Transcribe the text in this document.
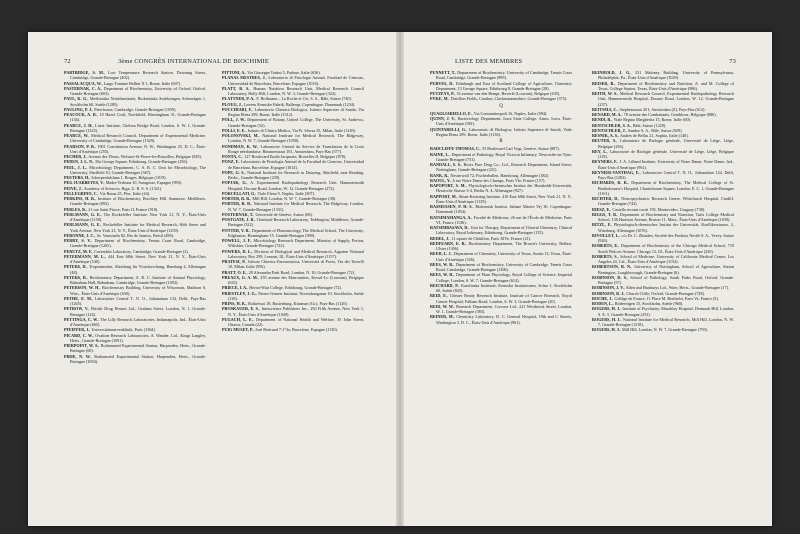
72	3ème CONGRÈS INTERNATIONAL DE BIOCHIMIE

PARTRIDGE, S. M., Low Temperature Research Station, Downing Street, Cambridge, Grande-Bretagne (402).

PASSALACQUA, W., Largo Tommie Bellini N 1, Rome, Italie (607).

PASTERNAK, C. A., Department of Biochemistry, University of Oxford, Oxford, Grande-Bretagne (603).

PAUL, K. G., Medicinska Nobelinstitutet, Biokemiska Avdelningen, Solnavägen 1, Stockholm 60, Suède (1285).

PAULING, P. J., Peterhouse, Cambridge, Grande-Bretagne (1059).

PEACOCK, A. R., 10 Hazel Croft, Northfield, Birmingham 31, Grande-Bretagne (134).

PEARCE, J. H., Lister Institute, Chelsea Bridge Road, London, S. W. 1, Grande-Bretagne (1325).

PEARCE, W., Medical Research Council, Department of Experimental Medicine, University of Cambridge, Grande-Bretagne (1329).

PEARSON, P. B., 1901 Constitution Avenue, N. W., Washington 25, D. C., États-Unis d'Amérique (255).

PECHER, J., Avenue des Fleurs, Woluwe-St-Pierre-les-Bruxelles, Belgique (929).

PEDEN, J. L. N., 50a George Square, Edinbourg, Grande-Bretagne (256).

PEEL, J. L., Microbiology Department, C. S. R. C. Unit for Microbiology, The University, Sheffield 10, Grande-Bretagne (367).

PEETERS, H., Scherpenlulslaan 1, Bruges, Belgique (1019).

PEG JUARBEYES, V., Madre Vedruna 10, Saragosse, Espagne (995).

PEIVE, J., Academy of Sciences, Riga, U. R. S. S. (1321).

PELLEGRINO, C., Via Roma 25, Pise, Italie (44).

PERKINS, H. R., Institute of Biochemistry, Brockley Hill, Stanmore, Middlesex, Grande-Bretagne (892).

PERLES, R., 21 rue Saint Fiacre, Paris II, France (918).

PERLMANN, G. E., The Rockefeller Institute, New York 21, N. Y., États-Unis d'Amérique (1150).

PERLMANN, G. E., Rockefeller Institute for Medical Research, 66th Street and York Avenue, New York 21, N. Y., États-Unis d'Amérique (1259).

PERONNE, J. C., Av. Venezuela 82, Rio de Janeiro, Brésil (496).

PERRY, S. V., Department of Biochemistry, Tennis Court Road, Cambridge, Grande-Bretagne (1265).

PERUTZ, M. F., Cavendish Laboratory, Cambridge, Grande-Bretagne (2).

PETERMANN, M. L., 444 East 68th Street, New York 21, N. Y., États-Unis d'Amérique (540).

PETERS, D., Tropeninstitut, Abteilung für Virusforschung, Hamburg 4, Allemagne (48).

PETERS, R., Biochemistry Department, A. R. C. Institute of Animal Physiology, Babraham Hall, Babraham, Cambridge, Grande-Bretagne (1092).

PETERSON, W. H., Biochemistry Building, University of Wisconsin, Madison 6, Wisc., États-Unis d'Amérique (630).

PETHE, E. M., Laboratoire Central T. N. O., Julianalaan 134, Delft, Pays-Bas (1265).

PETROW, V., British Drug Houses Ltd., Graham Street, London, N. 1, Grande-Bretagne (124).

PETTINGA, C. W., The Lilly Research Laboratories, Indianapolis, Ind., États-Unis d'Amérique (665).

PFEIFFER, J., Universitätsnervenklinik, Paris (1364).

PICARD, C. W., Ovaltine Research Laboratories, A. Wander, Ltd., Kings Langley, Herts., Grande-Bretagne (1091).

PIERPOINT, W. S., Rothamsted Experimental Station, Harpenden, Herts., Grande-Bretagne (60).

PIRIE, N. W., Rothamsted Experimental Station, Harpenden, Herts., Grande-Bretagne (1094).

PITTONI, A., Via Giuseppe Tartini 5, Padoue, Italie (636).

PLANAS MESTRES, J., Laboratorio di Fisiologia Animal, Facultad de Ciencias, Universidad de Barcelona, Barcelone, Espagne (1016).

PLATT, B. S., Human Nutrition Research Unit, Medical Research Council Laboratory, Holly Hill, London, N. W. 3, Grande-Bretagne (322).

PLATTNER, P. A., F. Hoffmann – La Roche et Cie, S. A., Bâle, Suisse (740).

PLOUG, J., Løvens Kemiske Fabrik, Ballerup, Copenhague, Danemark (1234).

POCCHIARI, F., Laboratorio Chimica Biologica, Istituto Superiore di Sanità, Via Regina Elena 299, Rome, Italie (1312).

POLL, J. W., Department of Botany, United College, The University, St. Andrews, Grande-Bretagne (32).

POLLI, E. E., Istituto di Clinica Medica, Via Fr. Sforza 35, Milan, Italie (1249).

POLONOVSKI, M., National Institute for Medical Research, The Ridgeway, London, N. W. 7, Grande-Bretagne (1058).

PONDMAN, K. W., Laboratoire Central du Service de Transfusion de la Croix Rouge néerlandaise, Rimmerstraat 101, Amsterdam, Pays-Bas (577).

PONTA, C., 127 Boulevard Emile Jacqmain, Bruxelles II, Belgique (878).

PONZ, F., Laboratorio de Fisiología Animal de la Facultad de Ciencias, Universidad de Barcelona, Barcelone, Espagne (1014).

POPE, G. S., National Institute for Research in Dairying, Shinfield, near Reading, Berks., Grande-Bretagne (239).

POPJAK, G., A. Experimental Radiopathology Research Unit, Hammersmith Hospital, Ducane Road, London, W. 12, Grande-Bretagne (272).

PORCELLATI, G., Viale Elena 9, Naples, Italie (507).

PORTER, R. R., Mill Hill, London, N. W. 7, Grande-Bretagne (38).

PORTER, R. R., National Institute for Medical Research, The Ridgeway, London, N. W. 7, Grande-Bretagne (1331).

POSTERNAK, T., Université de Genève, Suisse (68).

POSTGATE, J. R., Chemical Research Laboratory, Teddington, Middlesex, Grande-Bretagne (322).

POTTER, V. R., Department of Pharmacology, The Medical School, The University, Edgbaston, Birmingham 15, Grande-Bretagne (909).

POWELL, J. F., Microbiology Research Department, Ministry of Supply, Porton, Wiltshire, Grande-Bretagne (722).

POWERS, D. L., Division of Biological and Medical Research, Argonne National Laboratory, Box 299, Lemont, Ill., États-Unis d'Amérique (1157).

PRATESI, P., Istituto Chimica Farmaceutica, Università di Pavia, Via dei Taverlli 10, Milan, Italie (956).

PRATT, O. E., 28 Alexandra Park Road, London, N. 10, Grande-Bretagne (72).

PREAUX, G. A. M., 255 avenue des Marronniers, Kessel-Lo (Louvain), Belgique (633).

PRIECE, I. A., Heriot-Watt College, Edinbourg, Grande-Bretagne (72).

PRIESTLEY, J. G., Nieuw-Gemen Instituut, Noorssbaagasan 10, Stockholm, Suède (118).

PRINS, H. K., Rotkreisat 18, Rustenburg, Kinsman (Gr.), Pays-Bas (1126).

PROSKAUER, E. S., Interscience Publishers Inc., 250 Fifth Avenue, New York 1, N. Y., États-Unis d'Amérique (1049).

PUGACH, L. E., Department of National Health and Welfare, 35 John Street, Ottawa, Canada (22).

PUIG MUSET, P., José Bertrand 7-1°3a, Barcelone, Espagne (1130).

LISTE DES MEMBRES	73

PUNNETT, T., Department of Biochemistry, University of Cambridge, Tennis Court Road, Cambridge, Grande-Bretagne (899).

PURVES, D., Edinburgh and East of Scotland College of Agriculture, Chemistry Department, 13 George Square, Edinbourg 8, Grande-Bretagne (28).

PUTZEYS, P., 33 avenue van den Bempt, Heverlé (Louvain), Belgique (635).

PYKE, M., Distillers Fields, Cambus, Clackmannanshire, Grande-Bretagne (375).

Q

QUAGLIARIELLO, E., Via Constantinopoli 16, Naples, Italie (584).

QUINN, J. V., Bacteriology Department, Iowa State College, Ames, Iowa, États-Unis d'Amérique (961).

QUINTARELLI, G., Laboratorio di Biologica, Istituto Superiore di Sanità, Viale Regina Elena 299, Rome, Italie (1136).

R

RADCLIFFE-THOMAS, C., 55 Boulevard Carl Vogt, Genève, Suisse (887).

RAINE, L., Department of Pathology, Royal Victoria Infirmary, Newcastle-on-Tyne, Grande-Bretagne (731).

RANDALL, S. S., Boots Pure Drug Co., Ltd., Research Department, Island Street, Nottingham, Grande-Bretagne (231).

RANK, R., Nesserwall 72, Fischerhallen, Hambourg, Allemagne (382).

RAOUL, Y., 6 rue Notre Dame des Champs, Paris VIe, France (157).

RAPOPORT, S. M., Physiologisch-chemisches Institut der Humboldt-Universität, Hessische Strasse 3-4, Berlin N. 4, Allemagne (927).

RAPPORT, M., Sloan-Kettering Institute, 410 East 68th Street, New York 21, N. Y., États-Unis d'Amérique (1139).

RASMUSSEN, P. H. S., Biokemisk Institut, Juliane Maries Vej 30, Copenhague, Danemark (1054).

RATSIMAMANGA, A., Faculté de Médecine, 26 rue de l'École de Médecine, Paris VI, France (1136).

RATSIMBASAVA, D., Unit for Therapy, Department of Clinical Chemistry, Clinical Laboratory, Royal Infirmary, Edinbourg, Grande-Bretagne (155).

REDEL, J., 11 square de Châtillon, Paris XIVe, France (21).

REDFEARN, E. R., Biochemistry Department, The Brown's University, Belfast, Ulster (1306).

REED, L. J., Department of Chemistry, University of Texas, Austin 12, Texas, États-Unis d'Amérique (526).

REES, W. R., Department of Biochemistry, University of Cambridge, Tennis Court Road, Cambridge, Grande-Bretagne (1306).

REES, W. R., Department of Plant Physiology, Royal College of Science, Imperial College, London, S. W. 7, Grande-Bretagne (614).

REICHARD, P., Karolinska Institutet, Kemiska Institutionen, Solna 1, Stockholm 60, Suède (825).

REID, E., Chester Beatty Research Institute, Institute of Cancer Research, Royal Cancer Hospital, Fulham Road, London, S. W. 3, Grande-Bretagne (20).

REID, W. W., Research Department, Corvace Ltd., 221 Westbrook Street, London, W. 1, Grande-Bretagne (383).

REINER, M., Chemistry Laboratory, D. C. General Hospital, 19th and C Streets, Washington 3, D. C., États-Unis d'Amérique (961).

REINHOLD, J. G., 231 Maloney Building, University of Pennsylvania, Philadelphie, Pa., États-Unis d'Amérique (1029).

REISER, R., Department of Biochemistry and Nutrition, A. and M. College of Texas, College Station, Texas, États-Unis d'Amérique (986).

REITH, W. S., Medical Research Council, Experimental Radiopathology Research Unit, Hammersmith Hospital, Ducane Road, London, W. 12, Grande-Bretagne (237).

REITSMA, C., Stephenstraat 20 I, Amsterdam (Z), Pays-Bas (612).

RENARD, M. A., 78 avenue des Combattants, Gembloux, Belgique (886).

RENDI, R., Viale Regina Margherita 15, Rome, Italie (60).

RENTSCHLER, S. A., Bâle, Suisse (1229).

RENTSCHLER, J., Sandoz S. A., Bâle, Suisse (929).

RESNIK, A. S., Andrés de Bellas 21, Sophia, Italie (140).

REUTER, S., Laboratoire de Biologie générale, Université de Liège, Liège, Belgique (256).

REY, L., Laboratoire de Biologie générale, Université de Liège, Liège, Belgique (118).

REYNERS, F., J. A. Lifland Institute, University of Notre Dame, Notre Dame, Ind., États-Unis d'Amérique (961).

REYNIER-VANTHAG, E., Laboratoire Central T. N. O., Julianalaan 134, Delft, Pays-Bas (1283).

RICHARDS, R. K., Department of Biochemistry, The Medical College of St. Bartholomew's Hospital, Charterhouse Square, London, E. C. 1, Grande-Bretagne (1161).

RICHTER, D., Neuropsychiatric Research Centre, Whitchurch Hospital, Cardiff, Grande-Bretagne (743).

RIESZ, E., Castella recomi corrii 159, Montevideo, Uruguay (738).

RIGGS, T. R., Department of Biochemistry and Nutrition, Tufts College Medical School, 136 Harrison Avenue, Boston 11, Mass., États-Unis d'Amérique (1039).

RITZL, F., Physiologisch-chemisches Institut der Universität, Koellikerstrasse, 2, Würzburg, Allemagne (1076).

RIVOLLET, L., c/o Dr. C. Zhinden, Société des Produits Nestlé S. A., Vevey, Suisse (926).

ROBERTS, E., Department of Biochemistry of the Chicago Medical School, 710 South Wolcott Avenue, Chicago 12, Ill., États-Unis d'Amérique (230).

ROBERTS, S., School of Medicine, University of California Medical Center, Los Angeles 24, Cal., États-Unis d'Amérique (1154).

ROBERTSON, R. N., University of Nottingham, School of Agriculture, Sutton Bonington, Loughborough, Grande-Bretagne (6).

ROBINSON, D. S., School of Pathology, South Parks Road, Oxford, Grande-Bretagne (57).

ROBINSON, J. V., Allen and Hanburys Ltd., Ware, Herts., Grande-Bretagne (17).

ROBINSON, R. J., Church Cliffe, Oxford, Grande-Bretagne (728).

ROCHE, J., Collège de France, 11 Place M. Berthelot, Paris Ve, France (3).

RODEN, L., Rödervägen 15, Stockholm, Suède (960).

ROGERS, H. J., Institute of Psychiatry, Maudsley Hospital, Denmark Hill, London, S. E. 5, Grande-Bretagne (253).

ROGERS, H. J., National Institute for Medical Research, Mill Hill, London, N. W. 7, Grande-Bretagne (1318).

ROGERS, H. J., Mill Hill, London, N. W. 7, Grande-Bretagne (759).
